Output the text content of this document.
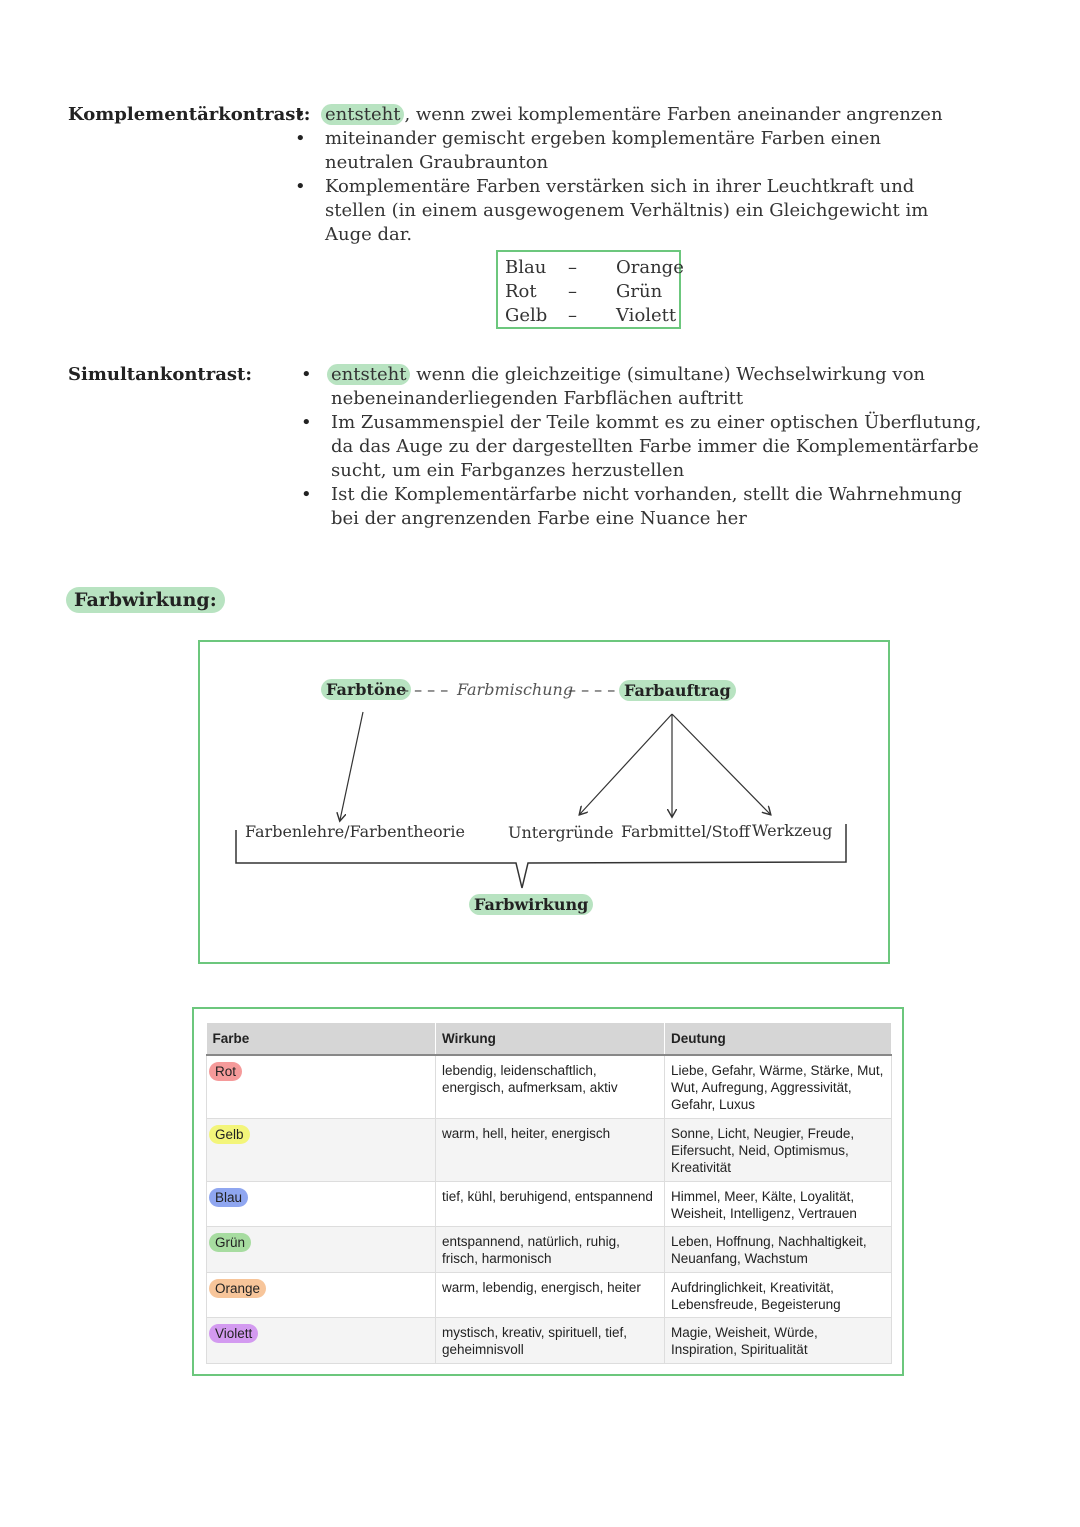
Komplementärkontrast: • entsteht , wenn zwei komplementäre Farben aneinander angrenzen
• miteinander gemischt ergeben komplementäre Farben einen neutralen Graubraunton
• Komplementäre Farben verstärken sich in ihrer Leuchtkraft und stellen (in einem ausgewogenem Verhältnis) ein Gleichgewicht im Auge dar.
Blau – Orange
Rot – Grün
Gelb – Violett
Simultankontrast:	• entsteht wenn die gleichzeitige (simultane) Wechselwirkung von nebeneinanderliegenden Farbflächen auftritt
• Im Zusammenspiel der Teile kommt es zu einer optischen Überflutung, da das Auge zu der dargestellten Farbe immer die Komplementärfarbe sucht, um ein Farbganzes herzustellen
• Ist die Komplementärfarbe nicht vorhanden, stellt die Wahrnehmung bei der angrenzenden Farbe eine Nuance her
Farbwirkung:
Farbtöne
– – – – Farbmischung
– – – – Farbauftrag
Farbenlehre/Farbentheorie	Untergründe Farbmittel/Stoff Werkzeug
Farbwirkung
Farbe	Wirkung	Deutung
Rot	lebendig, leidenschaftlich, energisch, aufmerksam, aktiv	Liebe, Gefahr, Wärme, Stärke, Mut, Wut, Aufregung, Aggressivität, Gefahr, Luxus
Gelb	warm, hell, heiter, energisch	Sonne, Licht, Neugier, Freude, Eifersucht, Neid, Optimismus, Kreativität
Blau	tief, kühl, beruhigend, entspannend	Himmel, Meer, Kälte, Loyalität, Weisheit, Intelligenz, Vertrauen
Grün	entspannend, natürlich, ruhig, frisch, harmonisch	Leben, Hoffnung, Nachhaltigkeit, Neuanfang, Wachstum
Orange	warm, lebendig, energisch, heiter	Aufdringlichkeit, Kreativität, Lebensfreude, Begeisterung
Violett	mystisch, kreativ, spirituell, tief, geheimnisvoll	Magie, Weisheit, Würde, Inspiration, Spiritualität
